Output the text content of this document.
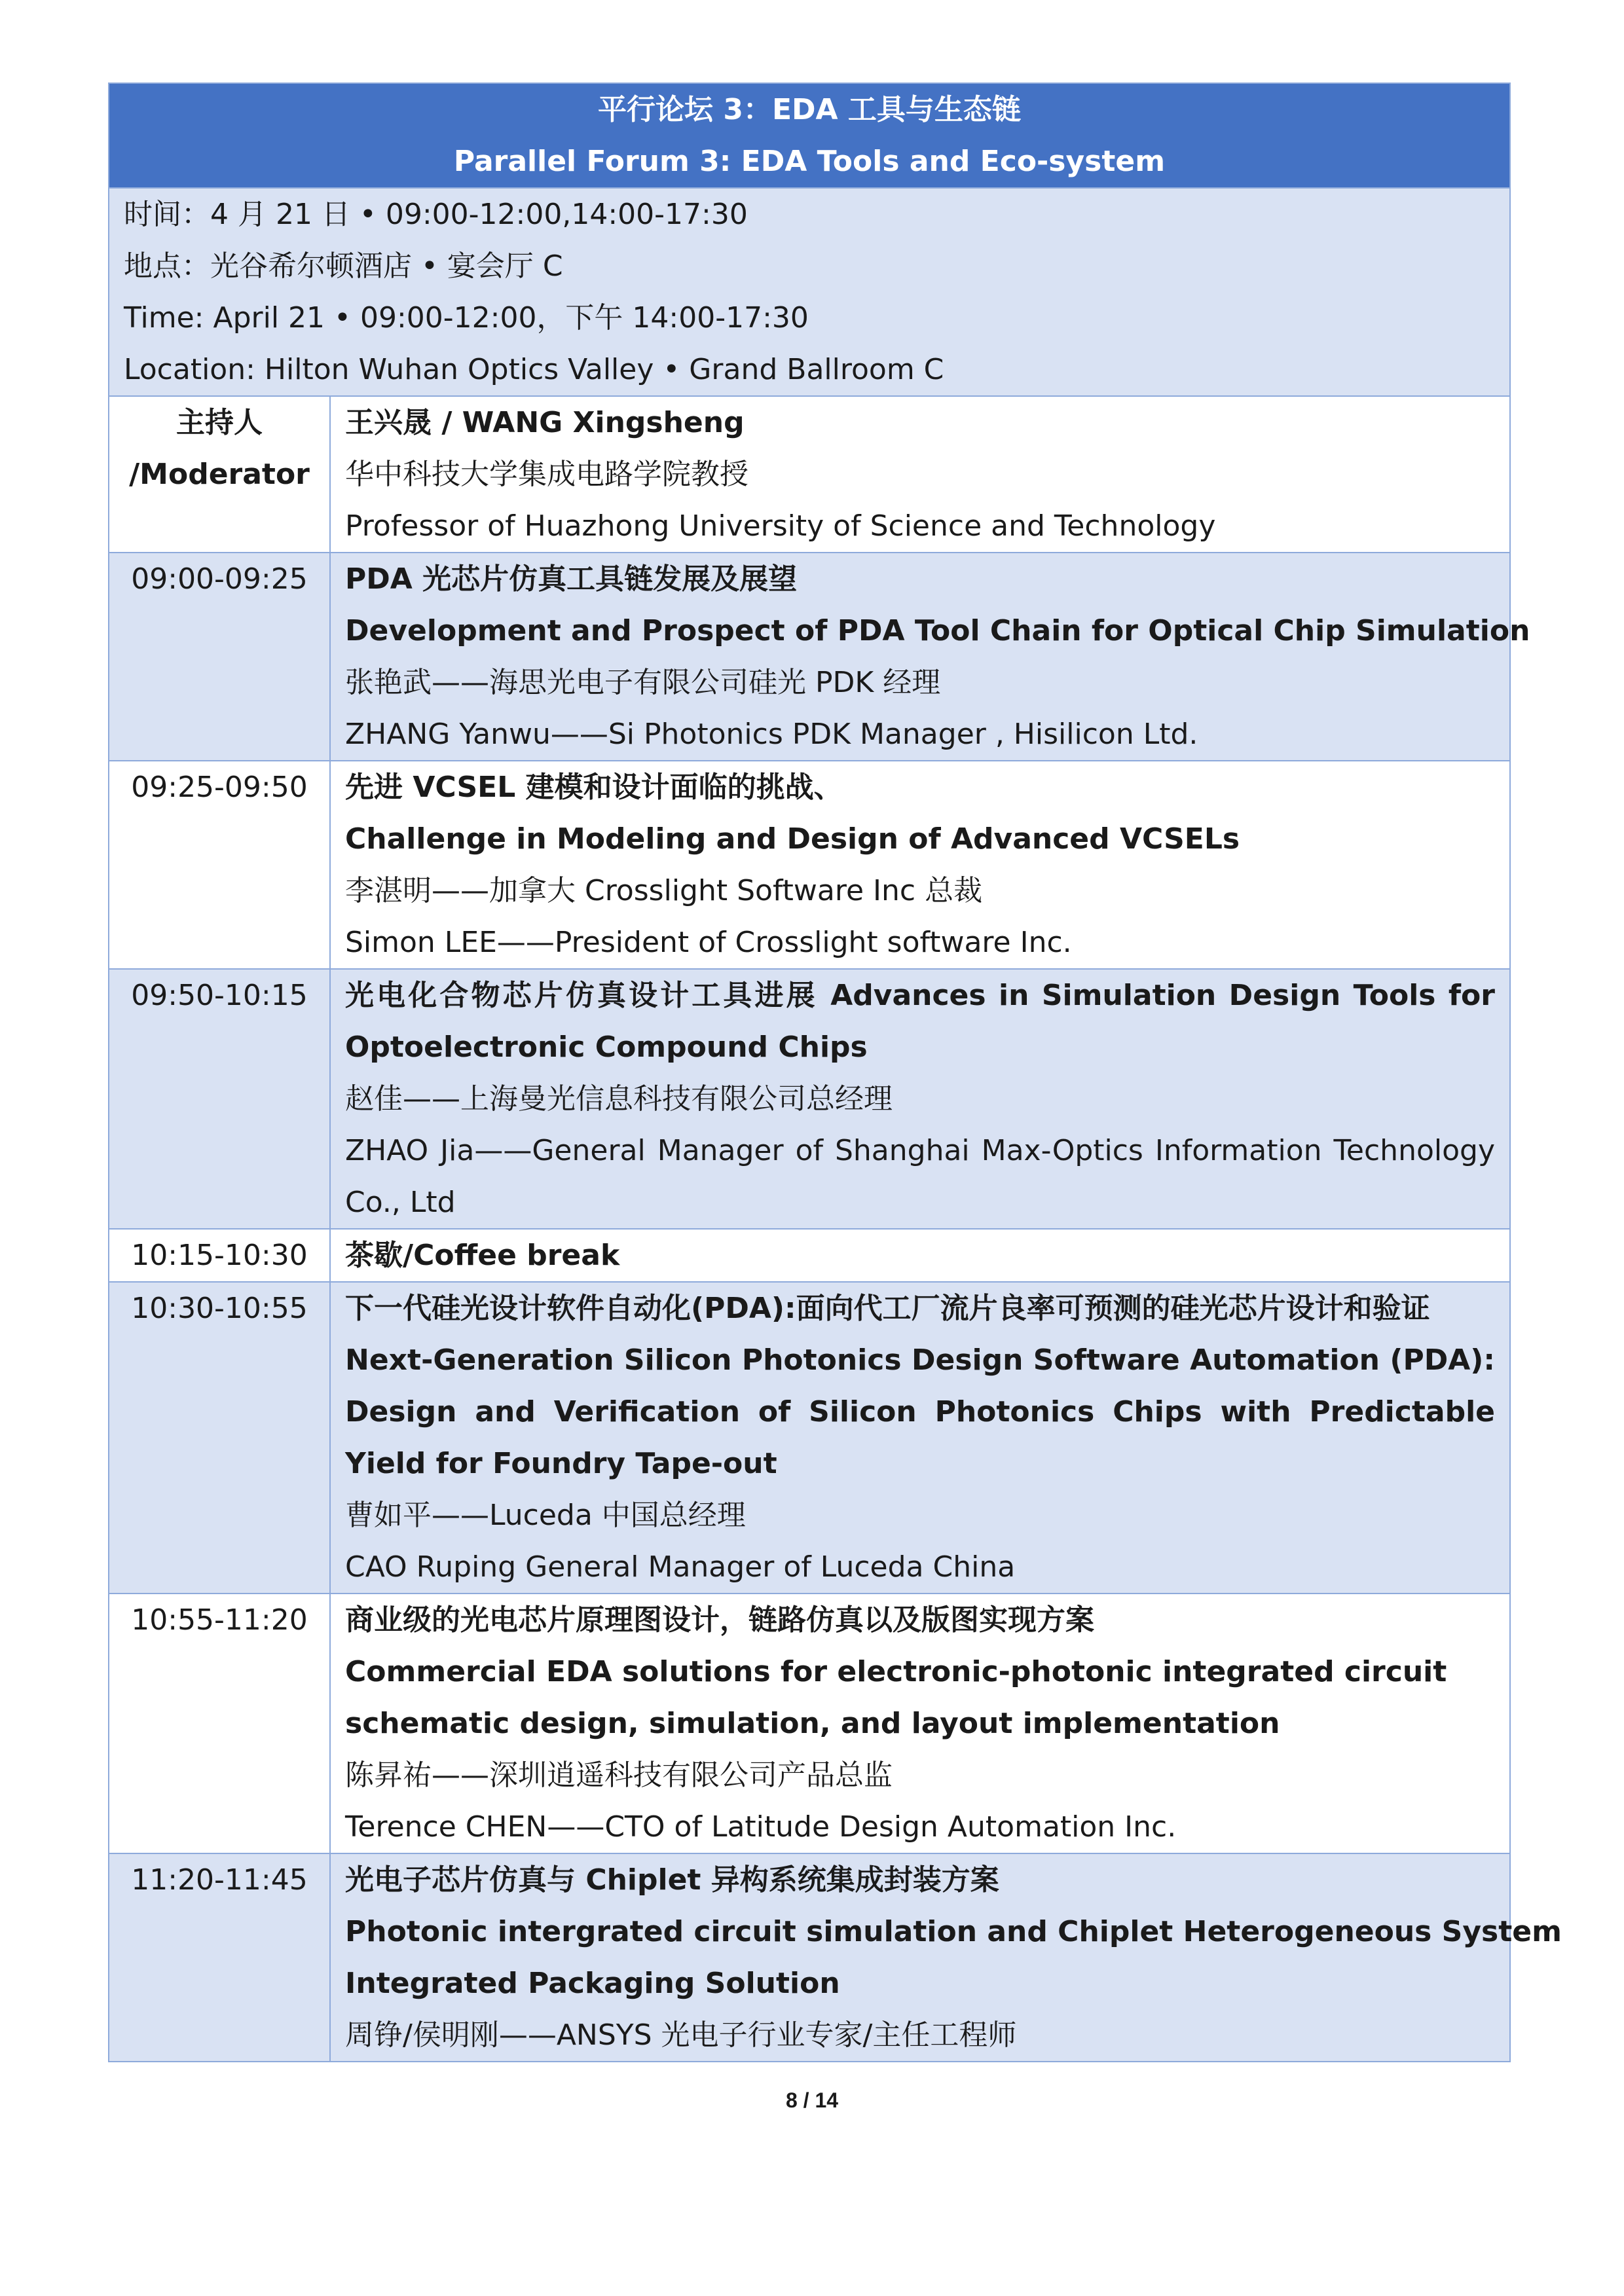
平行论坛 3：EDA 工具与生态链
Parallel Forum 3: EDA Tools and Eco-system	

时间：4 月 21 日 • 09:00-12:00,14:00-17:30
地点：光谷希尔顿酒店 • 宴会厅 C
Time: April 21 • 09:00-12:00，下午 14:00-17:30
Location: Hilton Wuhan Optics Valley • Grand Ballroom C	

主持人
/Moderator	王兴晟 / WANG Xingsheng
华中科技大学集成电路学院教授
Professor of Huazhong University of Science and Technology

09:00-09:25	PDA 光芯片仿真工具链发展及展望
Development and Prospect of PDA Tool Chain for Optical Chip Simulation
张艳武——海思光电子有限公司硅光 PDK 经理
ZHANG Yanwu——Si Photonics PDK Manager , Hisilicon Ltd.

09:25-09:50	先进 VCSEL 建模和设计面临的挑战、
Challenge in Modeling and Design of Advanced VCSELs
李湛明——加拿大 Crosslight Software Inc 总裁
Simon LEE——President of Crosslight software Inc.

09:50-10:15	光电化合物芯片仿真设计工具进展 Advances in Simulation Design Tools for Optoelectronic Compound Chips
赵佳——上海曼光信息科技有限公司总经理
ZHAO Jia——General Manager of Shanghai Max-Optics Information Technology Co., Ltd

10:15-10:30	茶歇/Coffee break

10:30-10:55	下一代硅光设计软件自动化(PDA):面向代工厂流片良率可预测的硅光芯片设计和验证
Next-Generation Silicon Photonics Design Software Automation (PDA): Design and Verification of Silicon Photonics Chips with Predictable Yield for Foundry Tape-out
曹如平——Luceda 中国总经理
CAO Ruping General Manager of Luceda China

10:55-11:20	商业级的光电芯片原理图设计，链路仿真以及版图实现方案
Commercial EDA solutions for electronic-photonic integrated circuit
schematic design, simulation, and layout implementation
陈昇祐——深圳逍遥科技有限公司产品总监
Terence CHEN——CTO of Latitude Design Automation Inc.

11:20-11:45	光电子芯片仿真与 Chiplet 异构系统集成封装方案
Photonic intergrated circuit simulation and Chiplet Heterogeneous System
Integrated Packaging Solution
周铮/侯明刚——ANSYS 光电子行业专家/主任工程师
8 / 14
